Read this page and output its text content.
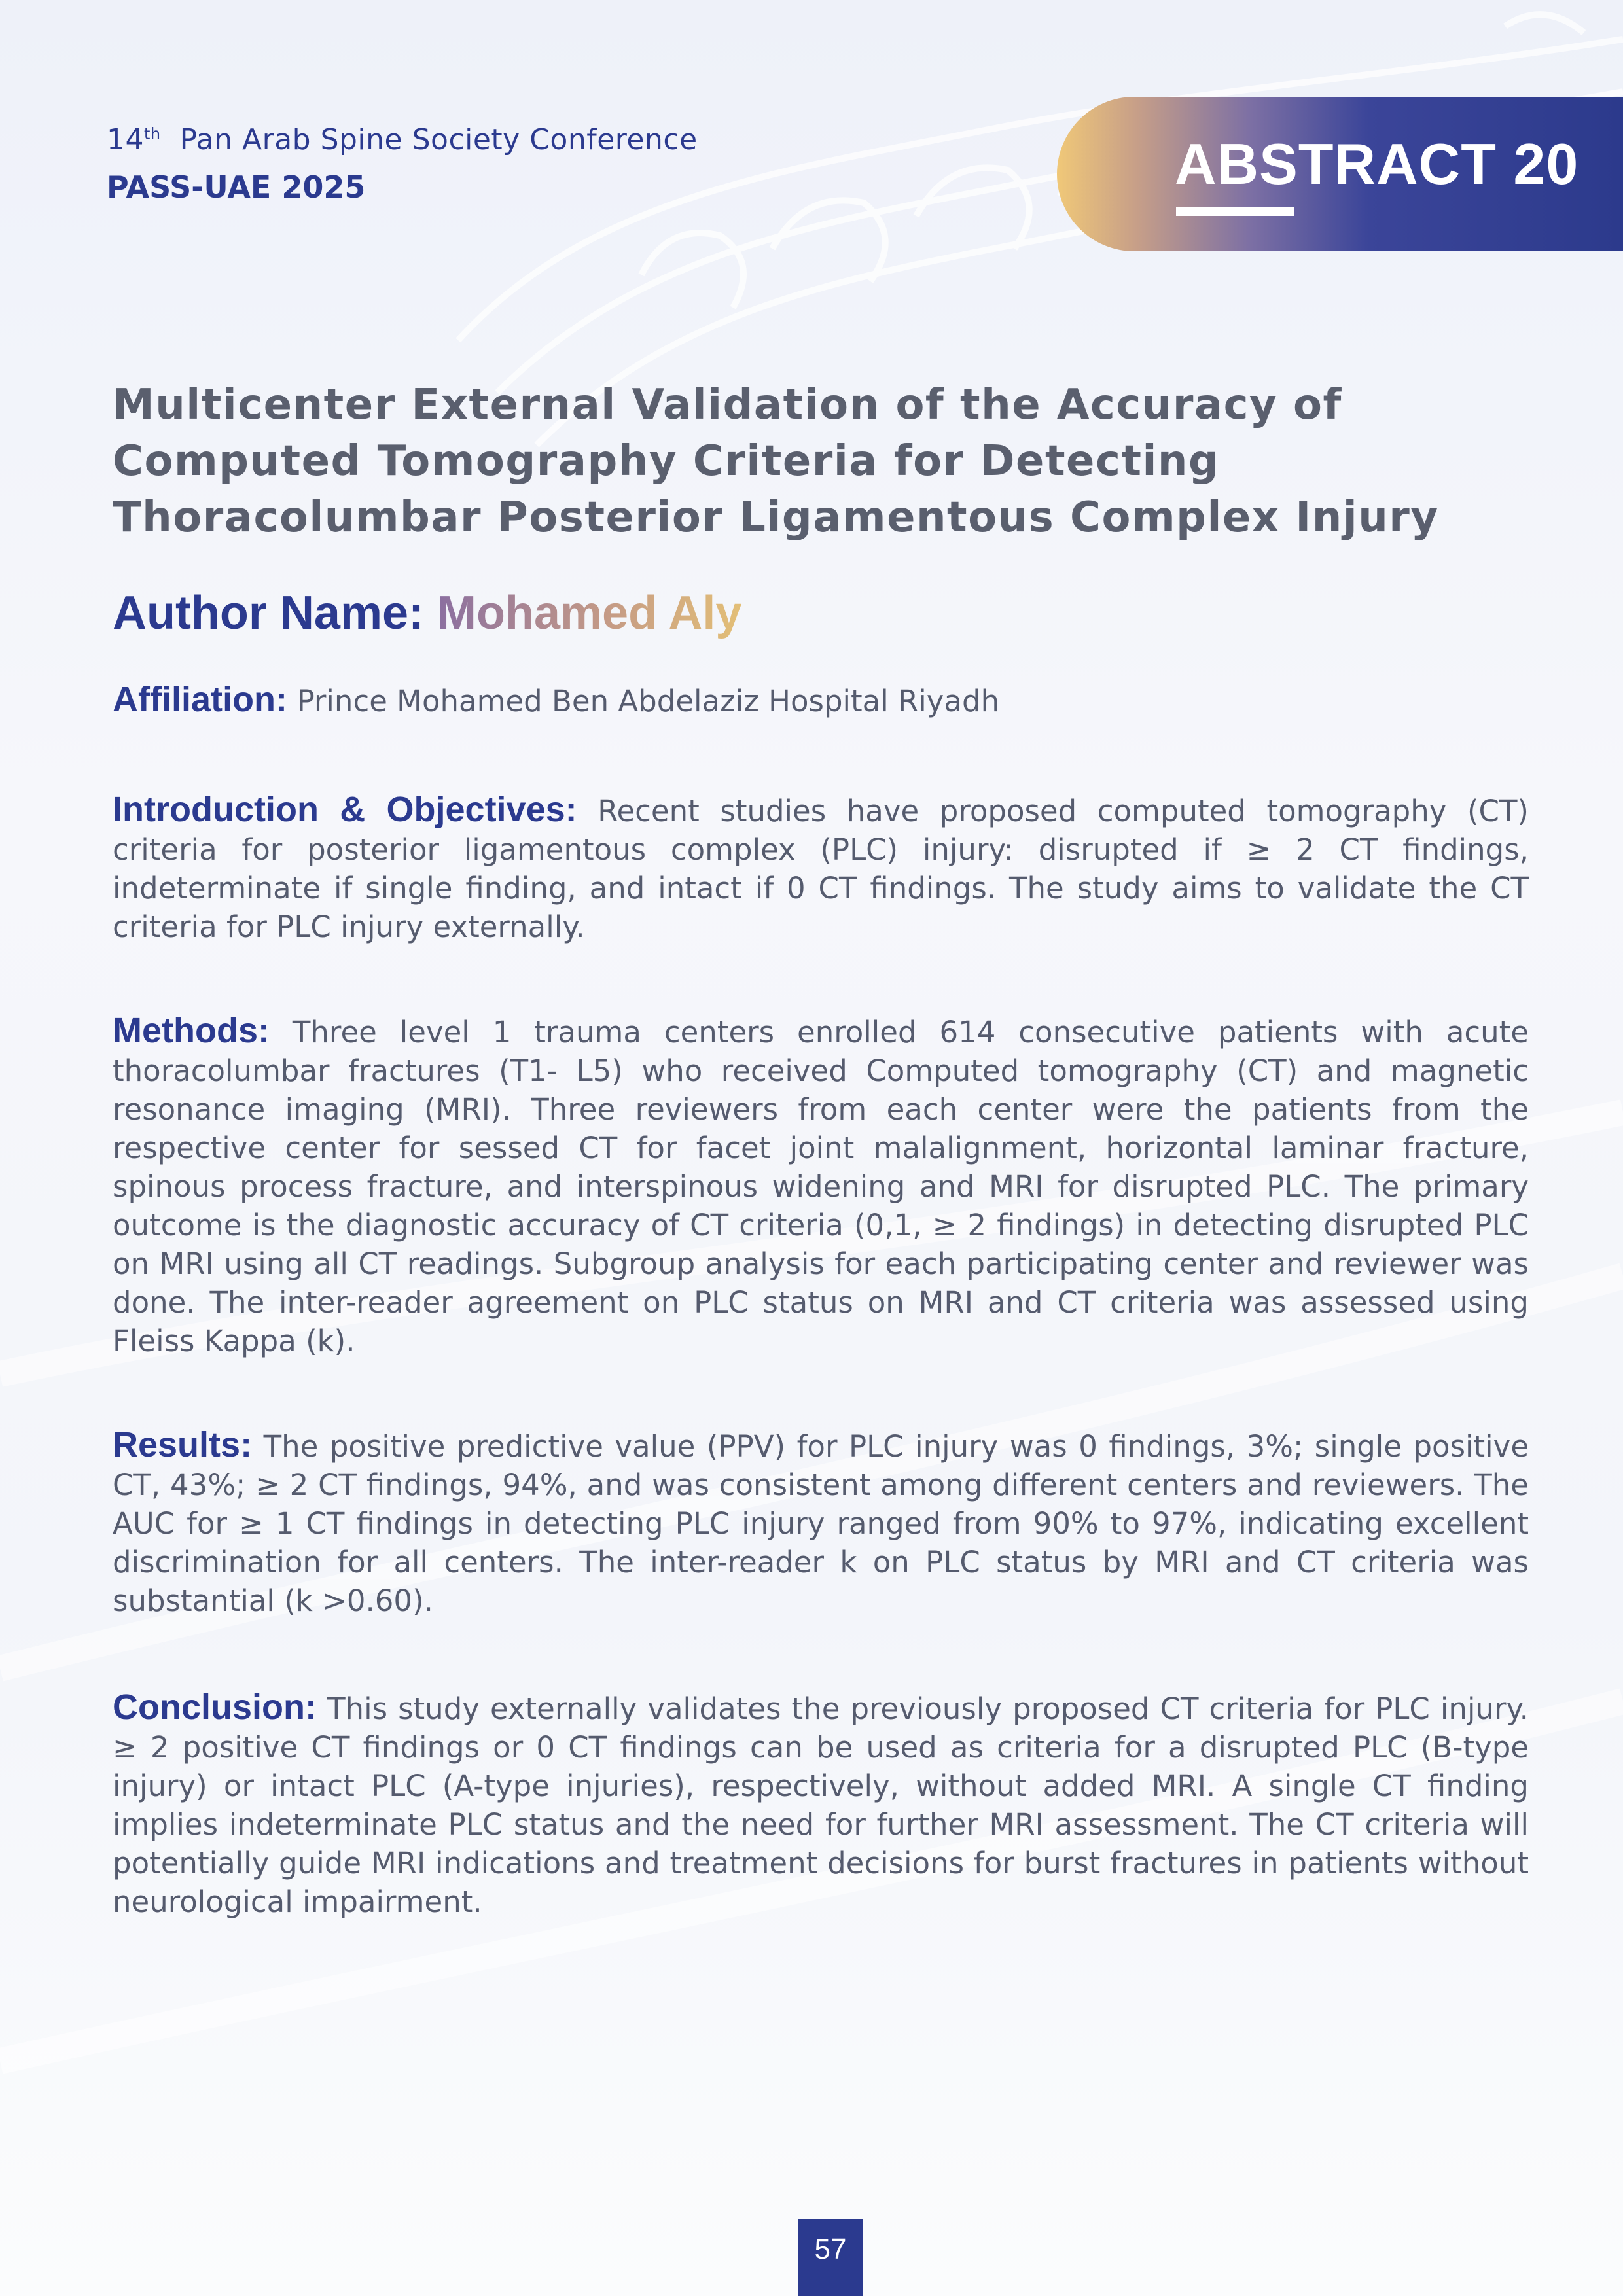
14th Pan Arab Spine Society Conference
PASS-UAE 2025	ABSTRACT 20
Multicenter External Validation of the Accuracy of Computed Tomography Criteria for Detecting Thoracolumbar Posterior Ligamentous Complex Injury
Author Name: Mohamed Aly
Affiliation: Prince Mohamed Ben Abdelaziz Hospital Riyadh
Introduction & Objectives: Recent studies have proposed computed tomography (CT) criteria for posterior ligamentous complex (PLC) injury: disrupted if ≥ 2 CT findings, indeterminate if single finding, and intact if 0 CT findings. The study aims to validate the CT criteria for PLC injury externally.
Methods: Three level 1 trauma centers enrolled 614 consecutive patients with acute thoracolumbar fractures (T1- L5) who received Computed tomography (CT) and magnetic resonance imaging (MRI). Three reviewers from each center were the patients from the respective center for sessed CT for facet joint malalignment, horizontal laminar fracture, spinous process fracture, and interspinous widening and MRI for disrupted PLC. The primary outcome is the diagnostic accuracy of CT criteria (0,1, ≥ 2 findings) in detecting disrupted PLC on MRI using all CT readings. Subgroup analysis for each participating center and reviewer was done. The inter-reader agreement on PLC status on MRI and CT criteria was assessed using Fleiss Kappa (k).
Results: The positive predictive value (PPV) for PLC injury was 0 findings, 3%; single positive CT, 43%; ≥ 2 CT findings, 94%, and was consistent among different centers and reviewers. The AUC for ≥ 1 CT findings in detecting PLC injury ranged from 90% to 97%, indicating excellent discrimination for all centers. The inter-reader k on PLC status by MRI and CT criteria was substantial (k >0.60).
Conclusion: This study externally validates the previously proposed CT criteria for PLC injury. ≥ 2 positive CT findings or 0 CT findings can be used as criteria for a disrupted PLC (B-type injury) or intact PLC (A-type injuries), respectively, without added MRI. A single CT finding implies indeterminate PLC status and the need for further MRI assessment. The CT criteria will potentially guide MRI indications and treatment decisions for burst fractures in patients without neurological impairment.
57
